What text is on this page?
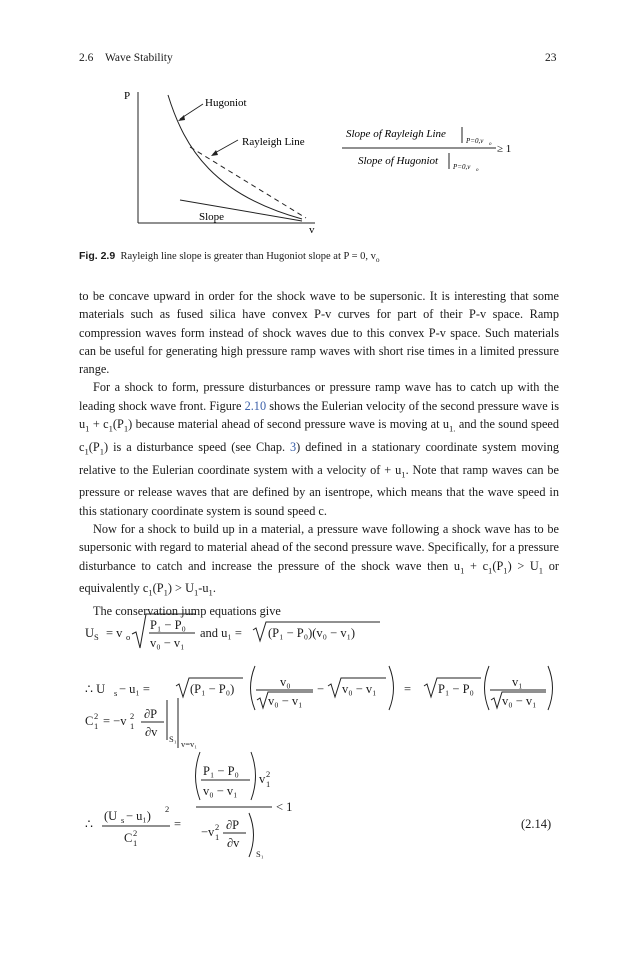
2.6 Wave Stability	23
P
v
Hugoniot
Rayleigh Line
Slope
Slope of Rayleigh Line
P=0,v o ≥ 1
Slope of Hugoniot P=0,v o
Fig. 2.9 Rayleigh line slope is greater than Hugoniot slope at P = 0, $v_o$

to be concave upward in order for the shock wave to be supersonic. It is interesting that some materials such as fused silica have convex P-v curves for part of their P-v space. Ramp compression waves form instead of shock waves due to this convex P-v space. Such materials can be useful for generating high pressure ramp waves with short rise times in a limited pressure range.

For a shock to form, pressure disturbances or pressure ramp wave has to catch up with the leading shock wave front. Figure 2.10 shows the Eulerian velocity of the second pressure wave is $u_1 + c_1(P_1)$ because material ahead of second pressure wave is moving at $u_{1.}$ and the sound speed $c_1(P_1)$ is a disturbance speed (see Chap. 3) defined in a stationary coordinate system moving relative to the Eulerian coordinate system with a velocity of + $u_1$. Note that ramp waves can be pressure or release waves that are defined by an isentrope, which means that the wave speed in this stationary coordinate system is sound speed c.

Now for a shock to build up in a material, a pressure wave following a shock wave has to be supersonic with regard to material ahead of the second pressure wave. Specifically, for a pressure disturbance to catch and increase the pressure of the shock wave then $u_1 + c_1(P_1) > U_1$ or equivalently $c_1(P_1) > U_1-u_1$.

The conservation jump equations give

U S = v o
P₁ − P₀
v₀ − v₁
and u₁ = (P₁ − P₀)(v₀ − v₁)
∴ U s − u₁ =	(P₁ − P₀)	v₀
v₀ − v₁
− v₀ − v₁ = P₁ − P₀	v₁
v₀ − v₁
C 2
1 = −v 2
1
∂P
∂v S₁ v=v₁
∴
(U s − u₁) 2
C 2
1
=
P₁ − P₀
v₀ − v₁
v 2
1
−v 2
1
∂P
∂v
S₁
< 1
(2.14)
